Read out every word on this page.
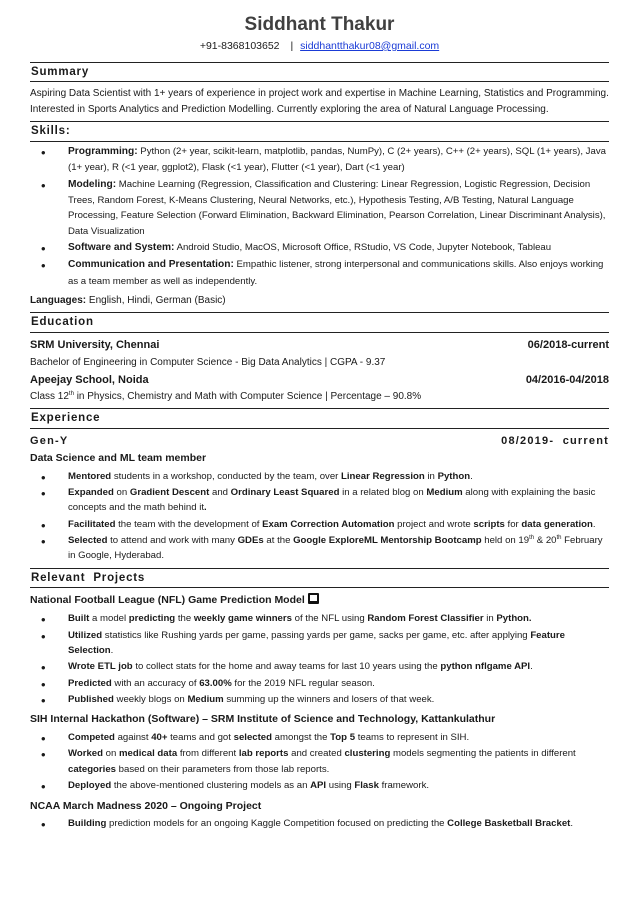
Siddhant Thakur
+91-8368103652 | siddhantthakur08@gmail.com
Summary

Aspiring Data Scientist with 1+ years of experience in project work and expertise in Machine Learning, Statistics and Programming. Interested in Sports Analytics and Prediction Modelling. Currently exploring the area of Natural Language Processing.

Skills:
• Programming: Python (2+ year, scikit-learn, matplotlib, pandas, NumPy), C (2+ years), C++ (2+ years), SQL (1+ years), Java (1+ year), R (<1 year, ggplot2), Flask (<1 year), Flutter (<1 year), Dart (<1 year)
• Modeling: Machine Learning (Regression, Classification and Clustering: Linear Regression, Logistic Regression, Decision Trees, Random Forest, K-Means Clustering, Neural Networks, etc.), Hypothesis Testing, A/B Testing, Natural Language Processing, Feature Selection (Forward Elimination, Backward Elimination, Pearson Correlation, Linear Discriminant Analysis), Data Visualization
• Software and System: Android Studio, MacOS, Microsoft Office, RStudio, VS Code, Jupyter Notebook, Tableau
• Communication and Presentation: Empathic listener, strong interpersonal and communications skills. Also enjoys working as a team member as well as independently.

Languages: English, Hindi, German (Basic)

Education
SRM University, Chennai	06/2018-current
Bachelor of Engineering in Computer Science - Big Data Analytics | CGPA - 9.37
Apeejay School, Noida	04/2016-04/2018
Class 12th in Physics, Chemistry and Math with Computer Science | Percentage – 90.8%
Experience
Gen-Y	08/2019-  current
Data Science and ML team member
• Mentored students in a workshop, conducted by the team, over Linear Regression in Python.
• Expanded on Gradient Descent and Ordinary Least Squared in a related blog on Medium along with explaining the basic concepts and the math behind it.
• Facilitated the team with the development of Exam Correction Automation project and wrote scripts for data generation.
• Selected to attend and work with many GDEs at the Google ExploreML Mentorship Bootcamp held on 19th & 20th February in Google, Hyderabad.
Relevant  Projects
National Football League (NFL) Game Prediction Model
• Built a model predicting the weekly game winners of the NFL using Random Forest Classifier in Python.
• Utilized statistics like Rushing yards per game, passing yards per game, sacks per game, etc. after applying Feature Selection.
• Wrote ETL job to collect stats for the home and away teams for last 10 years using the python nflgame API.
• Predicted with an accuracy of 63.00% for the 2019 NFL regular season.
• Published weekly blogs on Medium summing up the winners and losers of that week.
SIH Internal Hackathon (Software) – SRM Institute of Science and Technology, Kattankulathur
• Competed against 40+ teams and got selected amongst the Top 5 teams to represent in SIH.
• Worked on medical data from different lab reports and created clustering models segmenting the patients in different categories based on their parameters from those lab reports.
• Deployed the above-mentioned clustering models as an API using Flask framework.
NCAA March Madness 2020 – Ongoing Project
• Building prediction models for an ongoing Kaggle Competition focused on predicting the College Basketball Bracket.
